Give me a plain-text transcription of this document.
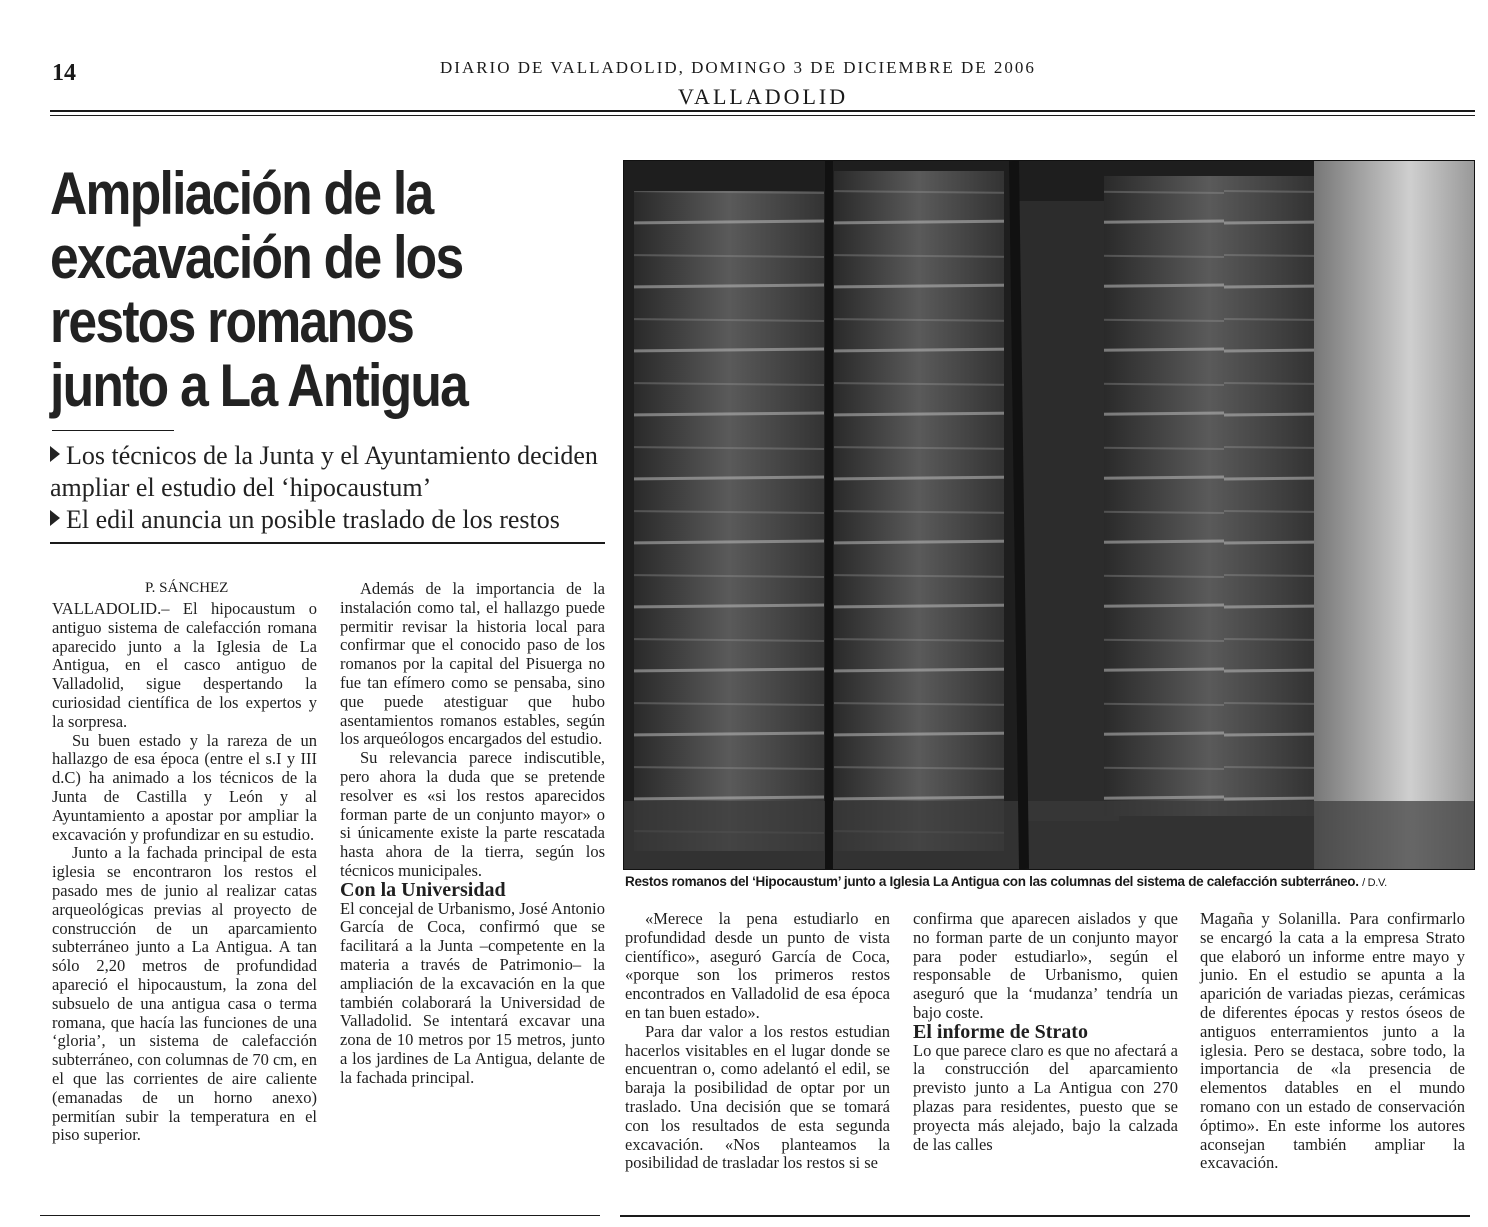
14	DIARIO DE VALLADOLID, DOMINGO 3 DE DICIEMBRE DE 2006
VALLADOLID
Ampliación de la excavación de los restos romanos junto a La Antigua
Los técnicos de la Junta y el Ayuntamiento deciden ampliar el estudio del ‘hipocaustum’
El edil anuncia un posible traslado de los restos
P. SÁNCHEZ

VALLADOLID.– El hipocaustum o antiguo sistema de calefacción romana aparecido junto a la Iglesia de La Antigua, en el casco antiguo de Valladolid, sigue despertando la curiosidad científica de los expertos y la sorpresa.

Su buen estado y la rareza de un hallazgo de esa época (entre el s.I y III d.C) ha animado a los técnicos de la Junta de Castilla y León y al Ayuntamiento a apostar por ampliar la excavación y profundizar en su estudio.

Junto a la fachada principal de esta iglesia se encontraron los restos el pasado mes de junio al realizar catas arqueológicas previas al proyecto de construcción de un aparcamiento subterráneo junto a La Antigua. A tan sólo 2,20 metros de profundidad apareció el hipocaustum, la zona del subsuelo de una antigua casa o terma romana, que hacía las funciones de una ‘gloria’, un sistema de calefacción subterráneo, con columnas de 70 cm, en el que las corrientes de aire caliente (emanadas de un horno anexo) permitían subir la temperatura en el piso superior.

Además de la importancia de la instalación como tal, el hallazgo puede permitir revisar la historia local para confirmar que el conocido paso de los romanos por la capital del Pisuerga no fue tan efímero como se pensaba, sino que puede atestiguar que hubo asentamientos romanos estables, según los arqueólogos encargados del estudio.

Su relevancia parece indiscutible, pero ahora la duda que se pretende resolver es «si los restos aparecidos forman parte de un conjunto mayor» o si únicamente existe la parte rescatada hasta ahora de la tierra, según los técnicos municipales.

Con la Universidad

El concejal de Urbanismo, José Antonio García de Coca, confirmó que se facilitará a la Junta –competente en la materia a través de Patrimonio– la ampliación de la excavación en la que también colaborará la Universidad de Valladolid. Se intentará excavar una zona de 10 metros por 15 metros, junto a los jardines de La Antigua, delante de la fachada principal.

Restos romanos del ‘Hipocaustum’ junto a Iglesia La Antigua con las columnas del sistema de calefacción subterráneo. / D.V.

«Merece la pena estudiarlo en profundidad desde un punto de vista científico», aseguró García de Coca, «porque son los primeros restos encontrados en Valladolid de esa época en tan buen estado».

Para dar valor a los restos estudian hacerlos visitables en el lugar donde se encuentran o, como adelantó el edil, se baraja la posibilidad de optar por un traslado. Una decisión que se tomará con los resultados de esta segunda excavación. «Nos planteamos la posibilidad de trasladar los restos si se

confirma que aparecen aislados y que no forman parte de un conjunto mayor para poder estudiarlo», según el responsable de Urbanismo, quien aseguró que la ‘mudanza’ tendría un bajo coste.

El informe de Strato

Lo que parece claro es que no afectará a la construcción del aparcamiento previsto junto a La Antigua con 270 plazas para residentes, puesto que se proyecta más alejado, bajo la calzada de las calles

Magaña y Solanilla. Para confirmarlo se encargó la cata a la empresa Strato que elaboró un informe entre mayo y junio. En el estudio se apunta a la aparición de variadas piezas, cerámicas de diferentes épocas y restos óseos de antiguos enterramientos junto a la iglesia. Pero se destaca, sobre todo, la importancia de «la presencia de elementos datables en el mundo romano con un estado de conservación óptimo». En este informe los autores aconsejan también ampliar la excavación.
